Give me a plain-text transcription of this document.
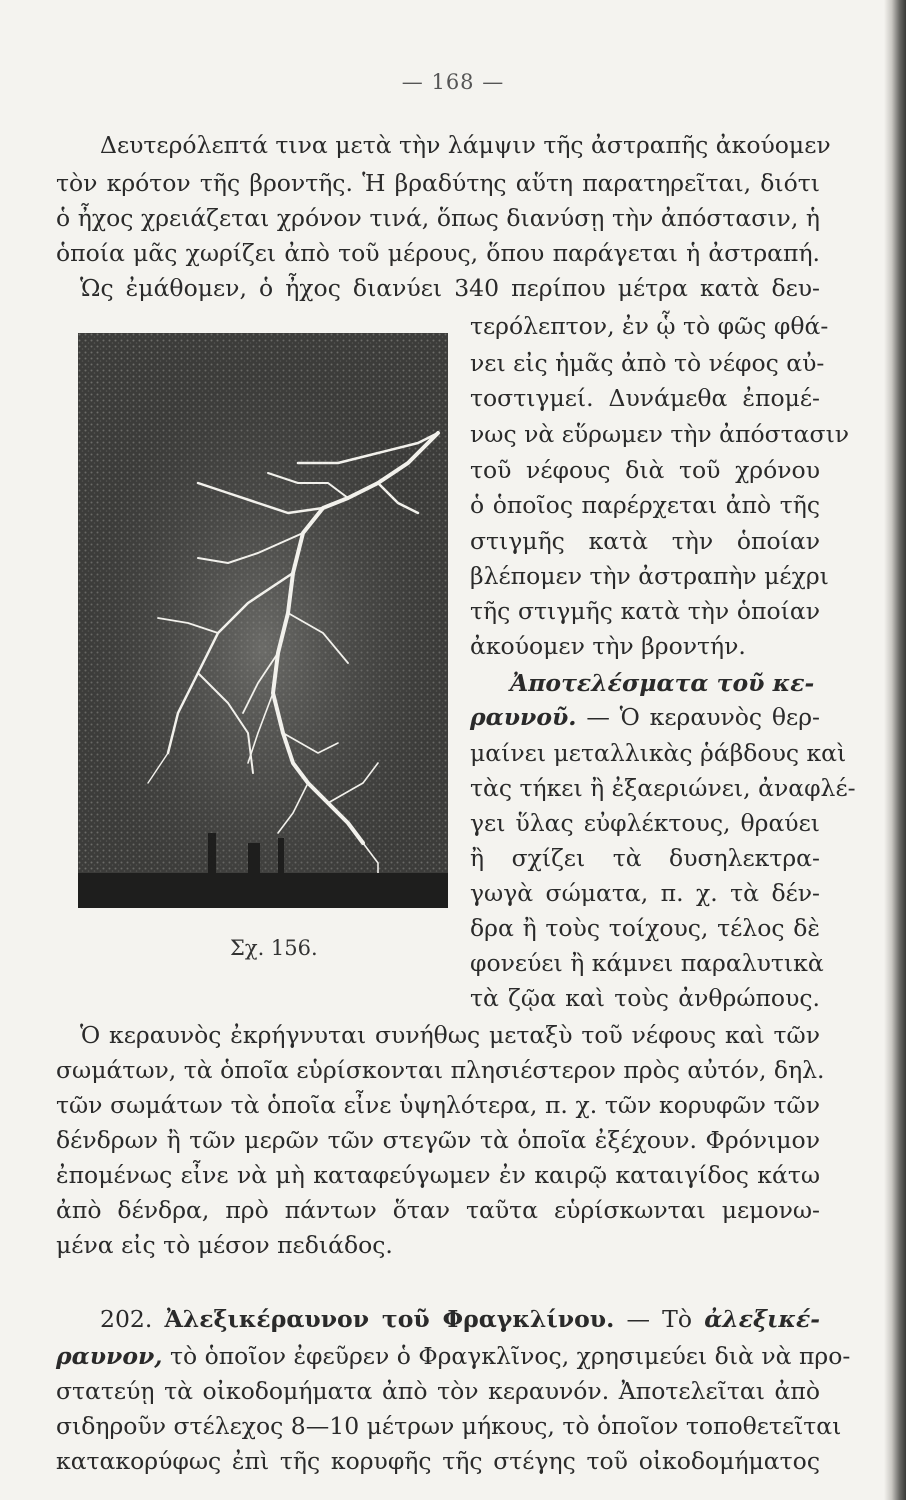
— 168 —
Δευτερόλεπτά τινα μετὰ τὴν λάμψιν τῆς ἀστραπῆς ἀκούομεν
τὸν κρότον τῆς βροντῆς. Ἡ βραδύτης αὕτη παρατηρεῖται, διότι
ὁ ἦχος χρειάζεται χρόνον τινά, ὅπως διανύσῃ τὴν ἀπόστασιν, ἡ
ὁποία μᾶς χωρίζει ἀπὸ τοῦ μέρους, ὅπου παράγεται ἡ ἀστραπή.
Ὡς ἐμάθομεν, ὁ ἦχος διανύει 340 περίπου μέτρα κατὰ δευ-
Σχ. 156.
τερόλεπτον, ἐν ᾧ τὸ φῶς φθά-
νει εἰς ἡμᾶς ἀπὸ τὸ νέφος αὐ-
τοστιγμεί. Δυνάμεθα ἐπομέ-
νως νὰ εὕρωμεν τὴν ἀπόστασιν
τοῦ νέφους διὰ τοῦ χρόνου
ὁ ὁποῖος παρέρχεται ἀπὸ τῆς
στιγμῆς κατὰ τὴν ὁποίαν
βλέπομεν τὴν ἀστραπὴν μέχρι
τῆς στιγμῆς κατὰ τὴν ὁποίαν
ἀκούομεν τὴν βροντήν.
Ἀποτελέσματα τοῦ κε-
ραυνοῦ. — Ὁ κεραυνὸς θερ-
μαίνει μεταλλικὰς ῥάβδους καὶ
τὰς τήκει ἢ ἐξαεριώνει, ἀναφλέ-
γει ὕλας εὐφλέκτους, θραύει
ἢ σχίζει τὰ δυσηλεκτρα-
γωγὰ σώματα, π. χ. τὰ δέν-
δρα ἢ τοὺς τοίχους, τέλος δὲ
φονεύει ἢ κάμνει παραλυτικὰ
τὰ ζῷα καὶ τοὺς ἀνθρώπους.
Ὁ κεραυνὸς ἐκρήγνυται συνήθως μεταξὺ τοῦ νέφους καὶ τῶν
σωμάτων, τὰ ὁποῖα εὑρίσκονται πλησιέστερον πρὸς αὐτόν, δηλ.
τῶν σωμάτων τὰ ὁποῖα εἶνε ὑψηλότερα, π. χ. τῶν κορυφῶν τῶν
δένδρων ἢ τῶν μερῶν τῶν στεγῶν τὰ ὁποῖα ἐξέχουν. Φρόνιμον
ἐπομένως εἶνε νὰ μὴ καταφεύγωμεν ἐν καιρῷ καταιγίδος κάτω
ἀπὸ δένδρα, πρὸ πάντων ὅταν ταῦτα εὑρίσκωνται μεμονω-
μένα εἰς τὸ μέσον πεδιάδος.
202. Ἀλεξικέραυνον τοῦ Φραγκλίνου. — Τὸ ἀλεξικέ-
ραυνον, τὸ ὁποῖον ἐφεῦρεν ὁ Φραγκλῖνος, χρησιμεύει διὰ νὰ προ-
στατεύῃ τὰ οἰκοδομήματα ἀπὸ τὸν κεραυνόν. Ἀποτελεῖται ἀπὸ
σιδηροῦν στέλεχος 8—10 μέτρων μήκους, τὸ ὁποῖον τοποθετεῖται
κατακορύφως ἐπὶ τῆς κορυφῆς τῆς στέγης τοῦ οἰκοδομήματος
